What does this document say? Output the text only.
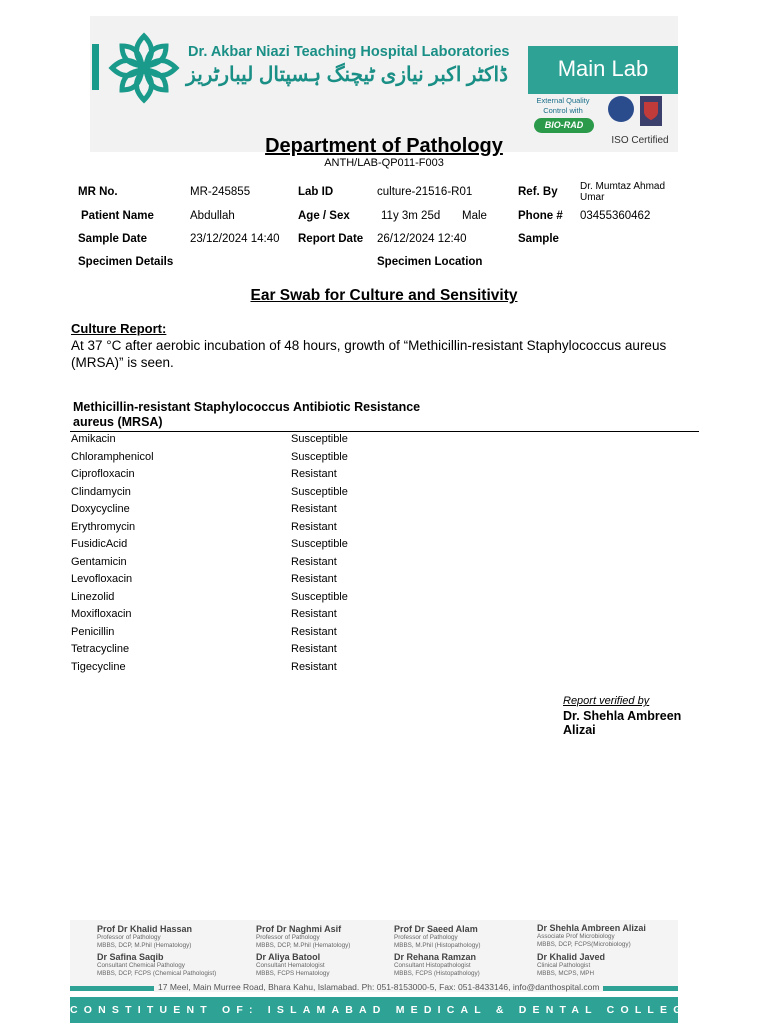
Dr. Akbar Niazi Teaching Hospital Laboratories
ڈاکٹر اکبر نیازی ٹیچنگ ہسپتال لیبارٹریز	Main Lab
External Quality
Control with
BIO-RAD
ISO Certified
Department of Pathology
ANTH/LAB-QP011-F003
MR No.	MR-245855	Lab ID	culture-21516-R01	Ref. By Dr. Mumtaz Ahmad Umar
Patient Name	Abdullah	Age / Sex	11y 3m 25d Male	Phone # 03455360462
Sample Date	23/12/2024 14:40 Report Date 26/12/2024 12:40	Sample
Specimen Details	Specimen Location
Ear Swab for Culture and Sensitivity
Culture Report:
At 37 °C after aerobic incubation of 48 hours, growth of “Methicillin-resistant Staphylococcus aureus (MRSA)” is seen.
Methicillin-resistant Staphylococcus aureus (MRSA)
Antibiotic Resistance
Amikacin	Susceptible
Chloramphenicol	Susceptible
Ciprofloxacin	Resistant
Clindamycin	Susceptible
Doxycycline	Resistant
Erythromycin	Resistant
FusidicAcid	Susceptible
Gentamicin	Resistant
Levofloxacin	Resistant
Linezolid	Susceptible
Moxifloxacin	Resistant
Penicillin	Resistant
Tetracycline	Resistant
Tigecycline	Resistant
Report verified by
Dr. Shehla Ambreen Alizai
Prof Dr Khalid Hassan
Professor of Pathology
MBBS, DCP, M.Phil (Hematology)
Prof Dr Naghmi Asif
Professor of Pathology
MBBS, DCP, M.Phil (Hematology)
Prof Dr Saeed Alam
Professor of Pathology
MBBS, M.Phil (Histopathology)
Dr Shehla Ambreen Alizai
Associate Prof Microbiology
MBBS, DCP, FCPS(Microbiology)
Dr Safina Saqib
Consultant Chemical Pathology
MBBS, DCP, FCPS (Chemical Pathologist)
Dr Aliya Batool
Consultant Hematologist
MBBS, FCPS Hematology
Dr Rehana Ramzan
Consultant Histopathologist
MBBS, FCPS (Histopathology)
Dr Khalid Javed
Clinical Pathologist
MBBS, MCPS, MPH
17 Meel, Main Murree Road, Bhara Kahu, Islamabad. Ph: 051-8153000-5, Fax: 051-8433146, info@danthospital.com
CONSTITUENT OF: ISLAMABAD MEDICAL & DENTAL COLLEGE
